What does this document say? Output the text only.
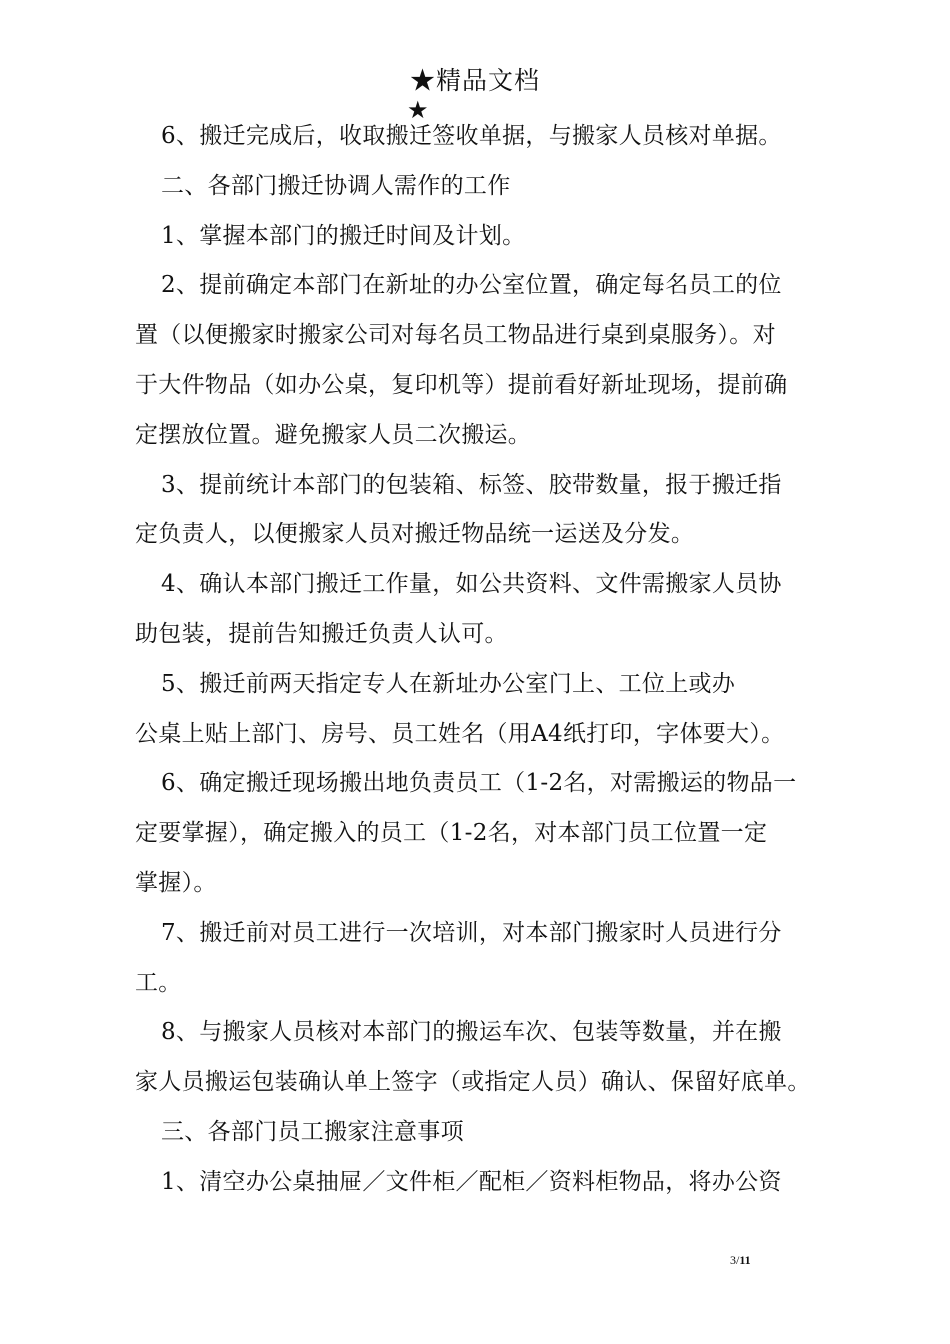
★精品文档
★
6、搬迁完成后，收取搬迁签收单据，与搬家人员核对单据。
二、各部门搬迁协调人需作的工作
1、掌握本部门的搬迁时间及计划。
2、提前确定本部门在新址的办公室位置，确定每名员工的位
置（以便搬家时搬家公司对每名员工物品进行桌到桌服务）。对
于大件物品（如办公桌，复印机等）提前看好新址现场，提前确
定摆放位置。避免搬家人员二次搬运。
3、提前统计本部门的包装箱、标签、胶带数量，报于搬迁指
定负责人，以便搬家人员对搬迁物品统一运送及分发。
4、确认本部门搬迁工作量，如公共资料、文件需搬家人员协
助包装，提前告知搬迁负责人认可。
5、搬迁前两天指定专人在新址办公室门上、工位上或办
公桌上贴上部门、房号、员工姓名（用A4纸打印，字体要大）。
6、确定搬迁现场搬出地负责员工（1-2名，对需搬运的物品一
定要掌握），确定搬入的员工（1-2名，对本部门员工位置一定
掌握）。
7、搬迁前对员工进行一次培训，对本部门搬家时人员进行分
工。
8、与搬家人员核对本部门的搬运车次、包装等数量，并在搬
家人员搬运包装确认单上签字（或指定人员）确认、保留好底单。
三、各部门员工搬家注意事项
1、清空办公桌抽屉／文件柜／配柜／资料柜物品，将办公资
3/11
